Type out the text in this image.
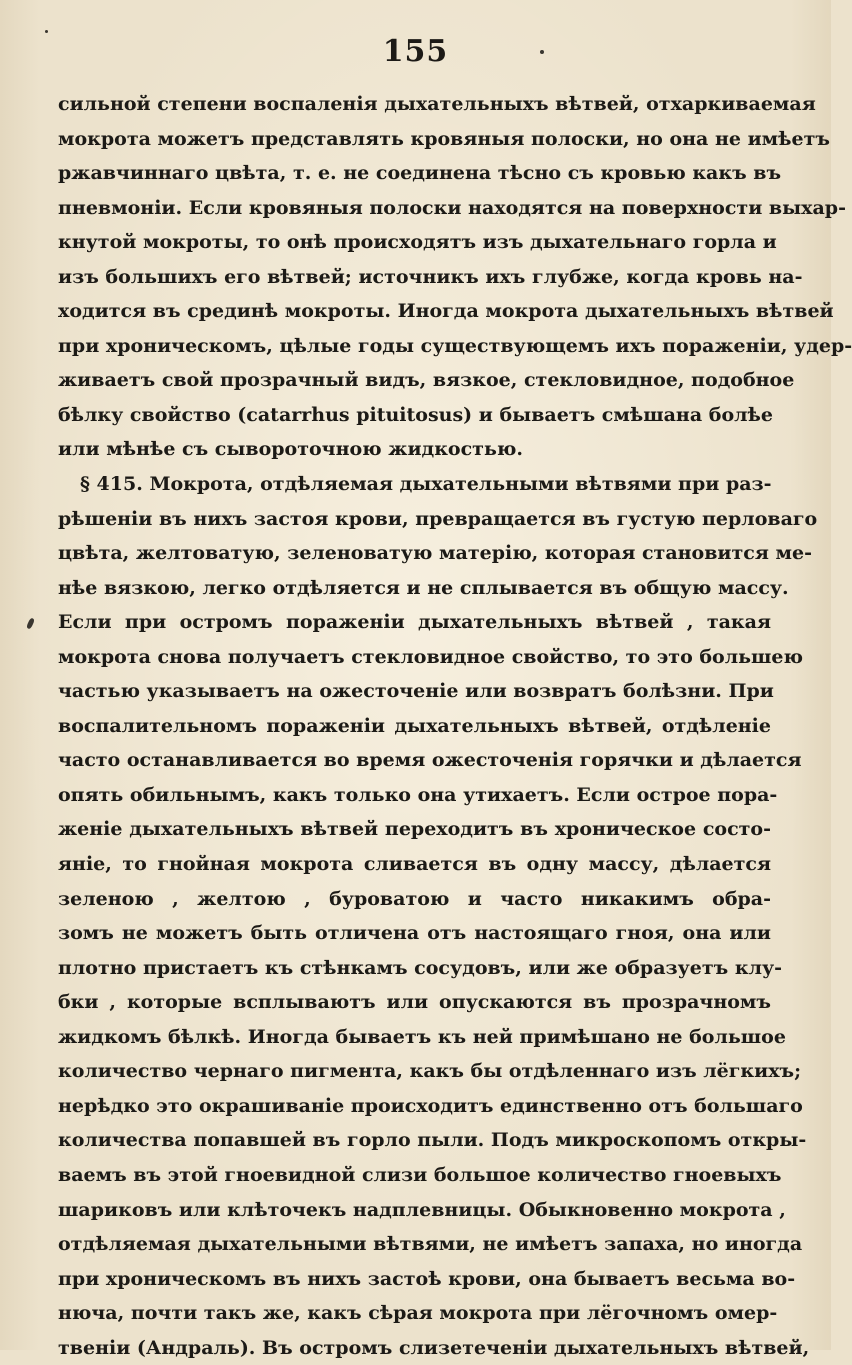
155
сильной степени воспаленія дыхательныхъ вѣтвей, отхаркиваемая
мокрота можетъ представлять кровяныя полоски, но она не имѣетъ
ржавчиннаго цвѣта, т. е. не соединена тѣсно съ кровью какъ въ
пневмоніи. Если кровяныя полоски находятся на поверхности выхар-
кнутой мокроты, то онѣ происходятъ изъ дыхательнаго горла и
изъ большихъ его вѣтвей; источникъ ихъ глубже, когда кровь на-
ходится въ срединѣ мокроты. Иногда мокрота дыхательныхъ вѣтвей
при хроническомъ, цѣлые годы существующемъ ихъ пораженіи, удер-
живаетъ свой прозрачный видъ, вязкое, стекловидное, подобное
бѣлку свойство (catarrhus pituitosus) и бываетъ смѣшана болѣе
или мѣнѣе съ сывороточною жидкостью.
§ 415. Мокрота, отдѣляемая дыхательными вѣтвями при раз-
рѣшеніи въ нихъ застоя крови, превращается въ густую перловаго
цвѣта, желтоватую, зеленоватую матерію, которая становится ме-
нѣе вязкою, легко отдѣляется и не сплывается въ общую массу.
Если при остромъ пораженіи дыхательныхъ вѣтвей , такая
мокрота снова получаетъ стекловидное свойство, то это большею
частью указываетъ на ожесточеніе или возвратъ болѣзни. При
воспалительномъ пораженіи дыхательныхъ вѣтвей, отдѣленіе
часто останавливается во время ожесточенія горячки и дѣлается
опять обильнымъ, какъ только она утихаетъ. Если острое пора-
женіе дыхательныхъ вѣтвей переходитъ въ хроническое состо-
яніе, то гнойная мокрота сливается въ одну массу, дѣлается
зеленою , желтою , буроватою и часто никакимъ обра-
зомъ не можетъ быть отличена отъ настоящаго гноя, она или
плотно пристаетъ къ стѣнкамъ сосудовъ, или же образуетъ клу-
бки , которые всплываютъ или опускаются въ прозрачномъ
жидкомъ бѣлкѣ. Иногда бываетъ къ ней примѣшано не большое
количество чернаго пигмента, какъ бы отдѣленнаго изъ лёгкихъ;
нерѣдко это окрашиваніе происходитъ единственно отъ большаго
количества попавшей въ горло пыли. Подъ микроскопомъ откры-
ваемъ въ этой гноевидной слизи большое количество гноевыхъ
шариковъ или клѣточекъ надплевницы. Обыкновенно мокрота ,
отдѣляемая дыхательными вѣтвями, не имѣетъ запаха, но иногда
при хроническомъ въ нихъ застоѣ крови, она бываетъ весьма во-
нюча, почти такъ же, какъ сѣрая мокрота при лёгочномъ омер-
твеніи (Андраль). Въ остромъ слизетеченіи дыхательныхъ вѣтвей,
